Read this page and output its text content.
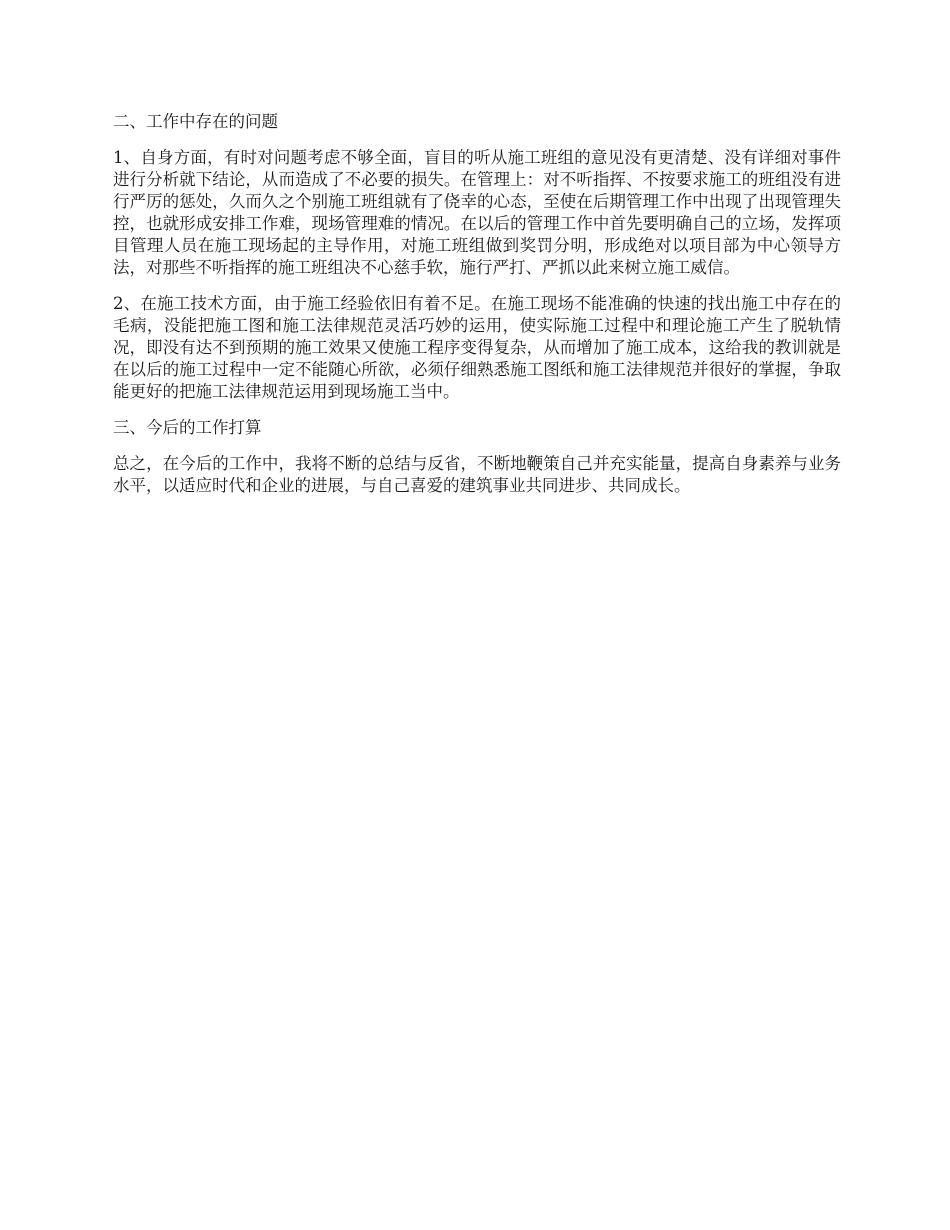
二、工作中存在的问题

1、自身方面，有时对问题考虑不够全面，盲目的听从施工班组的意见没有更清楚、没有详细对事件进行分析就下结论，从而造成了不必要的损失。在管理上：对不听指挥、不按要求施工的班组没有进行严厉的惩处，久而久之个别施工班组就有了侥幸的心态，至使在后期管理工作中出现了出现管理失控，也就形成安排工作难，现场管理难的情况。在以后的管理工作中首先要明确自己的立场，发挥项目管理人员在施工现场起的主导作用，对施工班组做到奖罚分明，形成绝对以项目部为中心领导方法，对那些不听指挥的施工班组决不心慈手软，施行严打、严抓以此来树立施工威信。

2、在施工技术方面，由于施工经验依旧有着不足。在施工现场不能准确的快速的找出施工中存在的毛病，没能把施工图和施工法律规范灵活巧妙的运用，使实际施工过程中和理论施工产生了脱轨情况，即没有达不到预期的施工效果又使施工程序变得复杂，从而增加了施工成本，这给我的教训就是在以后的施工过程中一定不能随心所欲，必须仔细熟悉施工图纸和施工法律规范并很好的掌握，争取能更好的把施工法律规范运用到现场施工当中。

三、今后的工作打算

总之，在今后的工作中，我将不断的总结与反省，不断地鞭策自己并充实能量，提高自身素养与业务水平，以适应时代和企业的进展，与自己喜爱的建筑事业共同进步、共同成长。
